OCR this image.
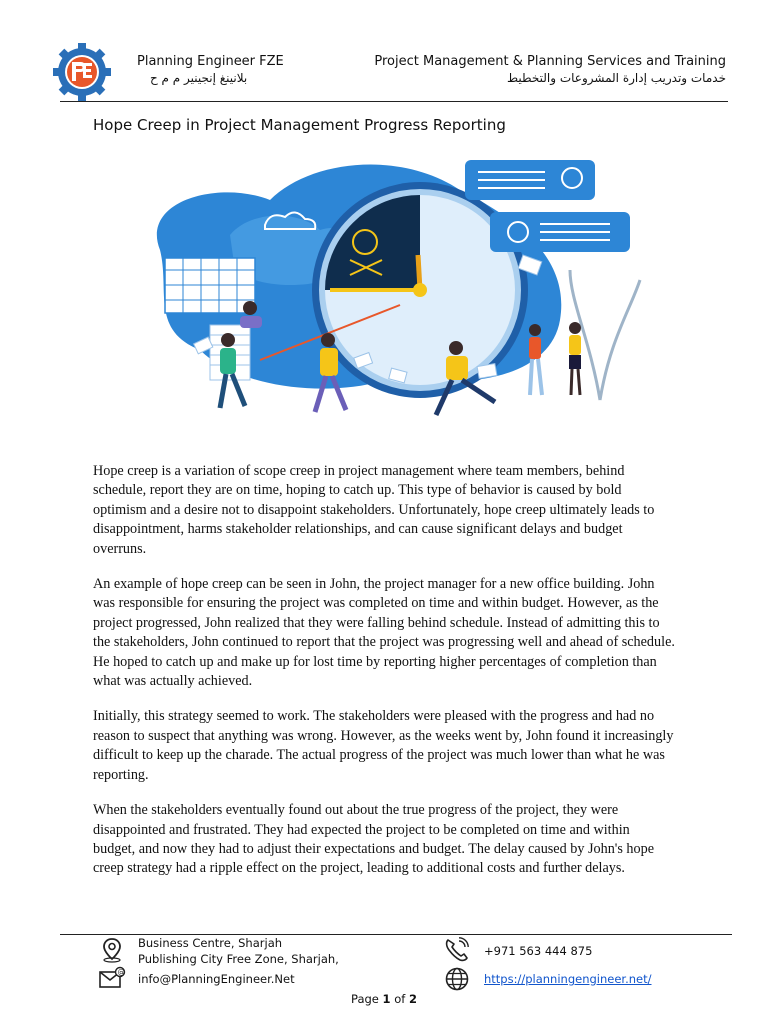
Planning Engineer FZE
بلانينغ إنجينير م م ح
Project Management & Planning Services and Training
خدمات وتدريب إدارة المشروعات والتخطيط
Hope Creep in Project Management Progress Reporting

Hope creep is a variation of scope creep in project management where team members, behind schedule, report they are on time, hoping to catch up. This type of behavior is caused by bold optimism and a desire not to disappoint stakeholders. Unfortunately, hope creep ultimately leads to disappointment, harms stakeholder relationships, and can cause significant delays and budget overruns.

An example of hope creep can be seen in John, the project manager for a new office building. John was responsible for ensuring the project was completed on time and within budget. However, as the project progressed, John realized that they were falling behind schedule. Instead of admitting this to the stakeholders, John continued to report that the project was progressing well and ahead of schedule. He hoped to catch up and make up for lost time by reporting higher percentages of completion than what was actually achieved.

Initially, this strategy seemed to work. The stakeholders were pleased with the progress and had no reason to suspect that anything was wrong. However, as the weeks went by, John found it increasingly difficult to keep up the charade. The actual progress of the project was much lower than what he was reporting.

When the stakeholders eventually found out about the true progress of the project, they were disappointed and frustrated. They had expected the project to be completed on time and within budget, and now they had to adjust their expectations and budget. The delay caused by John's hope creep strategy had a ripple effect on the project, leading to additional costs and further delays.

@
Business Centre, Sharjah
Publishing City Free Zone, Sharjah,
info@PlanningEngineer.Net
+971 563 444 875
https://planningengineer.net/
Page 1 of 2
